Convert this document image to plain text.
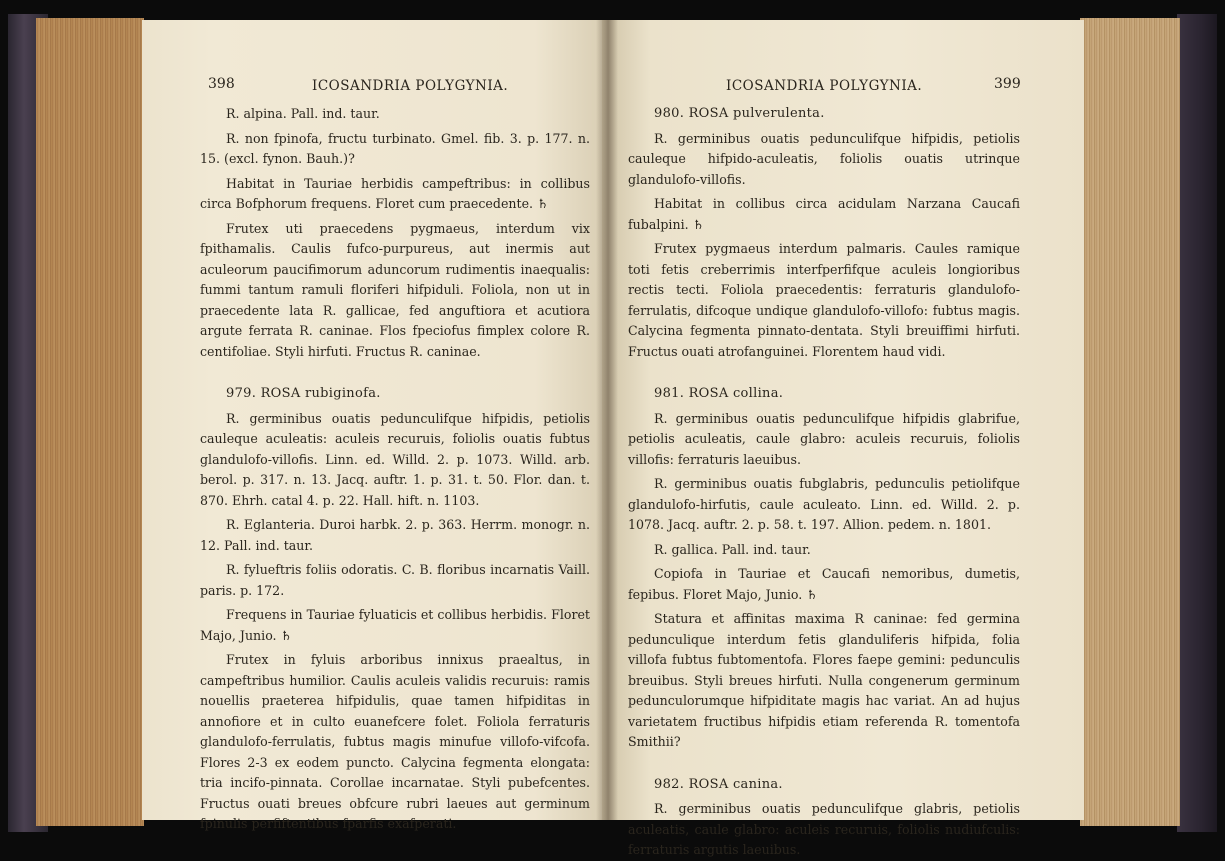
398	ICOSANDRIA POLYGYNIA.

R. alpina. Pall. ind. taur.

R. non fpinofa, fructu turbinato. Gmel. fib. 3. p. 177. n. 15. (excl. fynon. Bauh.)?

Habitat in Tauriae herbidis campeftribus: in collibus circa Bofphorum frequens. Floret cum praecedente. ♄

Frutex uti praecedens pygmaeus, interdum vix fpithamalis. Caulis fufco-purpureus, aut inermis aut aculeorum paucifimorum aduncorum rudimentis inaequalis: fummi tantum ramuli floriferi hifpiduli. Foliola, non ut in praecedente lata R. gallicae, fed anguftiora et acutiora argute ferrata R. caninae. Flos fpeciofus fimplex colore R. centifoliae. Styli hirfuti. Fructus R. caninae.

979. ROSA rubiginofa.

R. germinibus ouatis pedunculifque hifpidis, petiolis cauleque aculeatis: aculeis recuruis, foliolis ouatis fubtus glandulofo-villofis. Linn. ed. Willd. 2. p. 1073. Willd. arb. berol. p. 317. n. 13. Jacq. auftr. 1. p. 31. t. 50. Flor. dan. t. 870. Ehrh. catal 4. p. 22. Hall. hift. n. 1103.

R. Eglanteria. Duroi harbk. 2. p. 363. Herrm. monogr. n. 12. Pall. ind. taur.

R. fylueftris foliis odoratis. C. B. floribus incarnatis Vaill. paris. p. 172.

Frequens in Tauriae fyluaticis et collibus herbidis. Floret Majo, Junio. ♄

Frutex in fyluis arboribus innixus praealtus, in campeftribus humilior. Caulis aculeis validis recuruis: ramis nouellis praeterea hifpidulis, quae tamen hifpiditas in annofiore et in culto euanefcere folet. Foliola ferraturis glandulofo-ferrulatis, fubtus magis minufue villofo-vifcofa. Flores 2-3 ex eodem puncto. Calycina fegmenta elongata: tria incifo-pinnata. Corollae incarnatae. Styli pubefcentes. Fructus ouati breues obfcure rubri laeues aut germinum fpinulis perfiftentibus fparfis exafperati.

ICOSANDRIA POLYGYNIA.	399

980. ROSA pulverulenta.

R. germinibus ouatis pedunculifque hifpidis, petiolis cauleque hifpido-aculeatis, foliolis ouatis utrinque glandulofo-villofis.

Habitat in collibus circa acidulam Narzana Caucafi fubalpini. ♄

Frutex pygmaeus interdum palmaris. Caules ramique toti fetis creberrimis interfperfifque aculeis longioribus rectis tecti. Foliola praecedentis: ferraturis glandulofo-ferrulatis, difcoque undique glandulofo-villofo: fubtus magis. Calycina fegmenta pinnato-dentata. Styli breuiffimi hirfuti. Fructus ouati atrofanguinei. Florentem haud vidi.

981. ROSA collina.

R. germinibus ouatis pedunculifque hifpidis glabrifue, petiolis aculeatis, caule glabro: aculeis recuruis, foliolis villofis: ferraturis laeuibus.

R. germinibus ouatis fubglabris, pedunculis petiolifque glandulofo-hirfutis, caule aculeato. Linn. ed. Willd. 2. p. 1078. Jacq. auftr. 2. p. 58. t. 197. Allion. pedem. n. 1801.

R. gallica. Pall. ind. taur.

Copiofa in Tauriae et Caucafi nemoribus, dumetis, fepibus. Floret Majo, Junio. ♄

Statura et affinitas maxima R caninae: fed germina pedunculique interdum fetis glanduliferis hifpida, folia villofa fubtus fubtomentofa. Flores faepe gemini: pedunculis breuibus. Styli breues hirfuti. Nulla congenerum germinum pedunculorumque hifpiditate magis hac variat. An ad hujus varietatem fructibus hifpidis etiam referenda R. tomentofa Smithii?

982. ROSA canina.

R. germinibus ouatis pedunculifque glabris, petiolis aculeatis, caule glabro: aculeis recuruis, foliolis nudiufculis: ferraturis argutis laeuibus.
